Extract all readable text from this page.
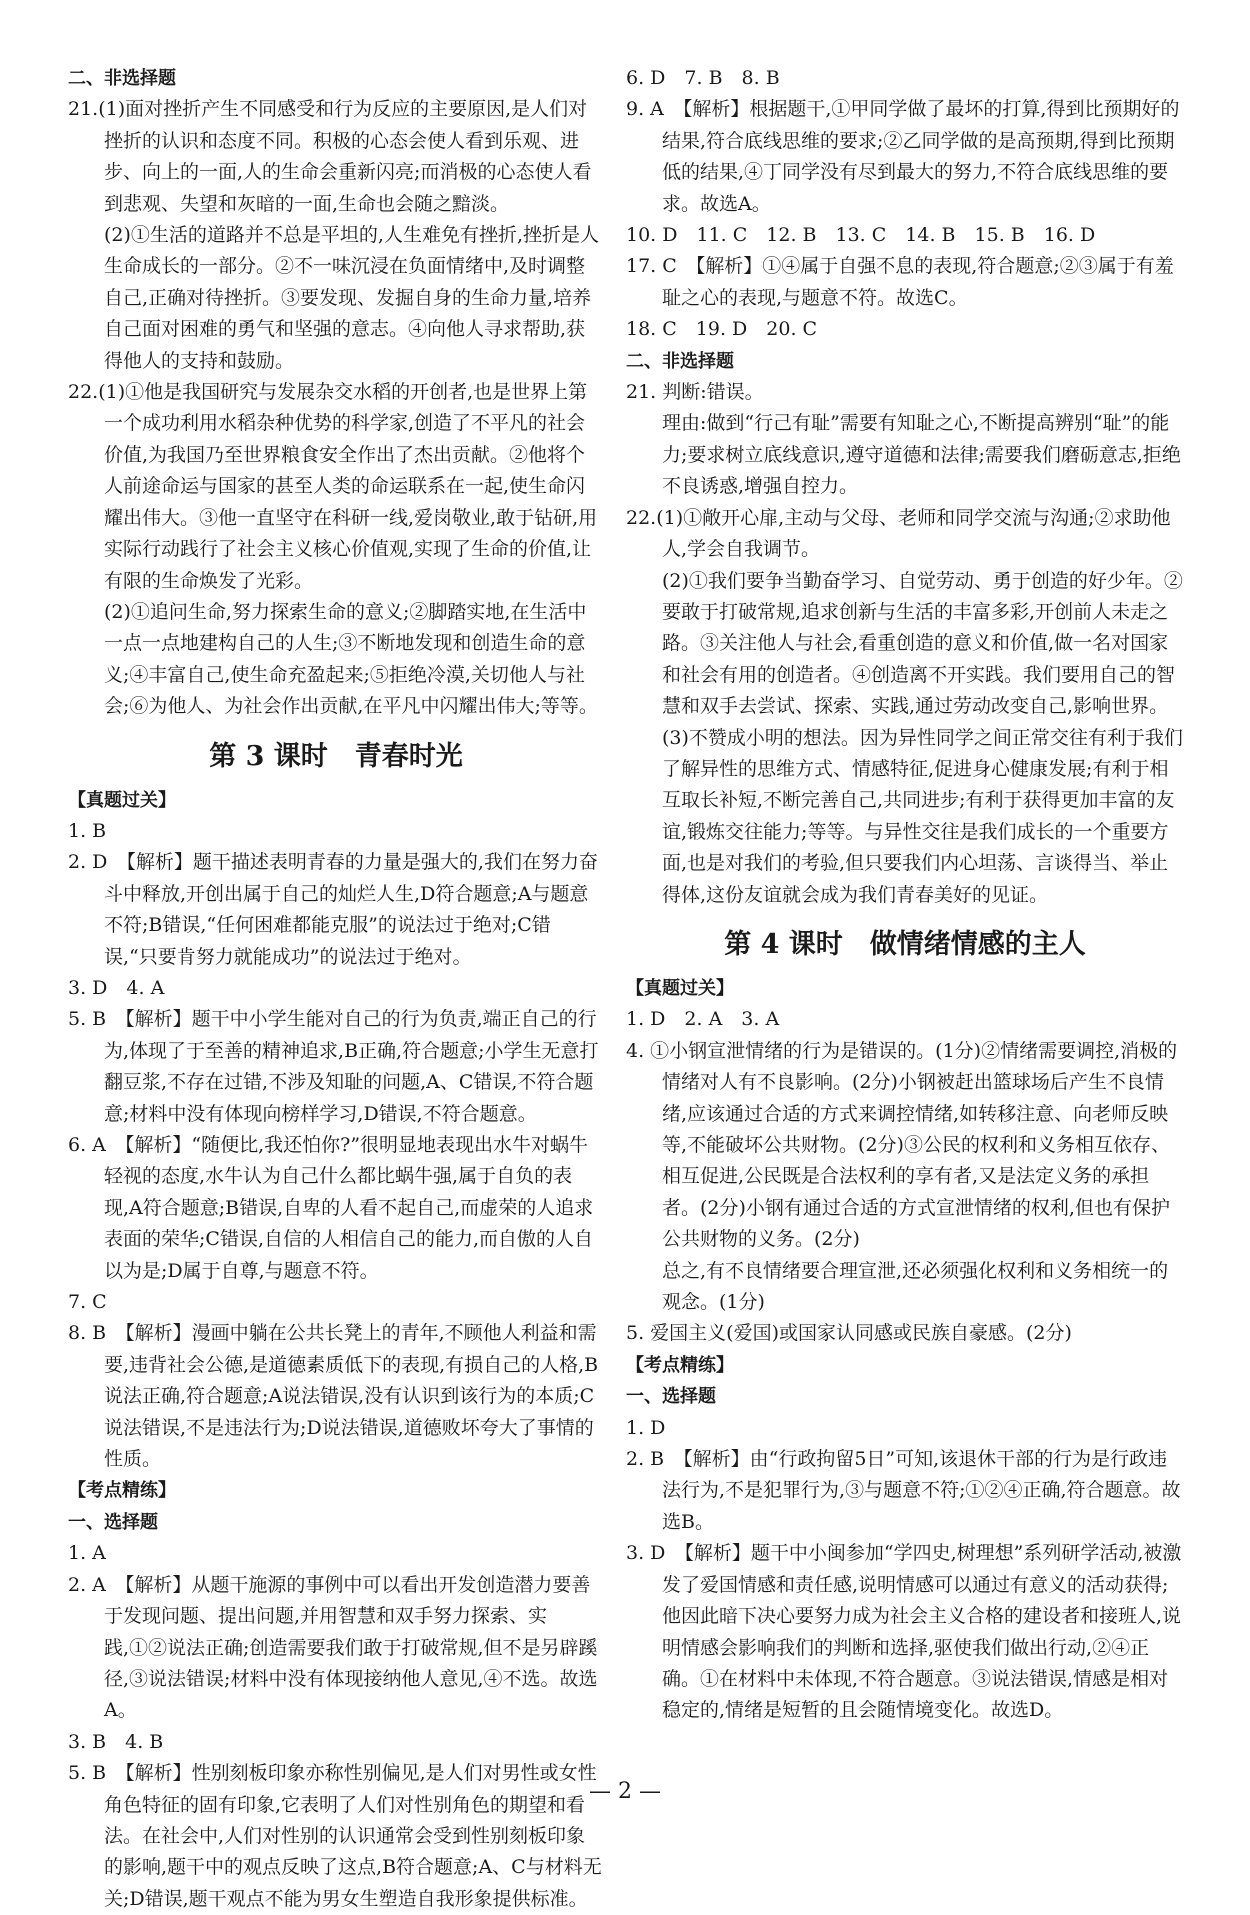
二、非选择题

21.(1)面对挫折产生不同感受和行为反应的主要原因,是人们对挫折的认识和态度不同。积极的心态会使人看到乐观、进步、向上的一面,人的生命会重新闪亮;而消极的心态使人看到悲观、失望和灰暗的一面,生命也会随之黯淡。

(2)①生活的道路并不总是平坦的,人生难免有挫折,挫折是人生命成长的一部分。②不一味沉浸在负面情绪中,及时调整自己,正确对待挫折。③要发现、发掘自身的生命力量,培养自己面对困难的勇气和坚强的意志。④向他人寻求帮助,获得他人的支持和鼓励。

22.(1)①他是我国研究与发展杂交水稻的开创者,也是世界上第一个成功利用水稻杂种优势的科学家,创造了不平凡的社会价值,为我国乃至世界粮食安全作出了杰出贡献。②他将个人前途命运与国家的甚至人类的命运联系在一起,使生命闪耀出伟大。③他一直坚守在科研一线,爱岗敬业,敢于钻研,用实际行动践行了社会主义核心价值观,实现了生命的价值,让有限的生命焕发了光彩。

(2)①追问生命,努力探索生命的意义;②脚踏实地,在生活中一点一点地建构自己的人生;③不断地发现和创造生命的意义;④丰富自己,使生命充盈起来;⑤拒绝冷漠,关切他人与社会;⑥为他人、为社会作出贡献,在平凡中闪耀出伟大;等等。

第 3 课时　青春时光

【真题过关】

1. B

2. D　【解析】题干描述表明青春的力量是强大的,我们在努力奋斗中释放,开创出属于自己的灿烂人生,D符合题意;A与题意不符;B错误,“任何困难都能克服”的说法过于绝对;C错误,“只要肯努力就能成功”的说法过于绝对。

3. D　4. A

5. B　【解析】题干中小学生能对自己的行为负责,端正自己的行为,体现了于至善的精神追求,B正确,符合题意;小学生无意打翻豆浆,不存在过错,不涉及知耻的问题,A、C错误,不符合题意;材料中没有体现向榜样学习,D错误,不符合题意。

6. A　【解析】“随便比,我还怕你?”很明显地表现出水牛对蜗牛轻视的态度,水牛认为自己什么都比蜗牛强,属于自负的表现,A符合题意;B错误,自卑的人看不起自己,而虚荣的人追求表面的荣华;C错误,自信的人相信自己的能力,而自傲的人自以为是;D属于自尊,与题意不符。

7. C

8. B　【解析】漫画中躺在公共长凳上的青年,不顾他人利益和需要,违背社会公德,是道德素质低下的表现,有损自己的人格,B说法正确,符合题意;A说法错误,没有认识到该行为的本质;C说法错误,不是违法行为;D说法错误,道德败坏夸大了事情的性质。

【考点精练】

一、选择题

1. A

2. A　【解析】从题干施源的事例中可以看出开发创造潜力要善于发现问题、提出问题,并用智慧和双手努力探索、实践,①②说法正确;创造需要我们敢于打破常规,但不是另辟蹊径,③说法错误;材料中没有体现接纳他人意见,④不选。故选A。

3. B　4. B

5. B　【解析】性别刻板印象亦称性别偏见,是人们对男性或女性角色特征的固有印象,它表明了人们对性别角色的期望和看法。在社会中,人们对性别的认识通常会受到性别刻板印象的影响,题干中的观点反映了这点,B符合题意;A、C与材料无关;D错误,题干观点不能为男女生塑造自我形象提供标准。

6. D　7. B　8. B

9. A　【解析】根据题干,①甲同学做了最坏的打算,得到比预期好的结果,符合底线思维的要求;②乙同学做的是高预期,得到比预期低的结果,④丁同学没有尽到最大的努力,不符合底线思维的要求。故选A。

10. D　11. C　12. B　13. C　14. B　15. B　16. D

17. C　【解析】①④属于自强不息的表现,符合题意;②③属于有羞耻之心的表现,与题意不符。故选C。

18. C　19. D　20. C

二、非选择题

21. 判断:错误。

理由:做到“行己有耻”需要有知耻之心,不断提高辨别“耻”的能力;要求树立底线意识,遵守道德和法律;需要我们磨砺意志,拒绝不良诱惑,增强自控力。

22.(1)①敞开心扉,主动与父母、老师和同学交流与沟通;②求助他人,学会自我调节。

(2)①我们要争当勤奋学习、自觉劳动、勇于创造的好少年。②要敢于打破常规,追求创新与生活的丰富多彩,开创前人未走之路。③关注他人与社会,看重创造的意义和价值,做一名对国家和社会有用的创造者。④创造离不开实践。我们要用自己的智慧和双手去尝试、探索、实践,通过劳动改变自己,影响世界。

(3)不赞成小明的想法。因为异性同学之间正常交往有利于我们了解异性的思维方式、情感特征,促进身心健康发展;有利于相互取长补短,不断完善自己,共同进步;有利于获得更加丰富的友谊,锻炼交往能力;等等。与异性交往是我们成长的一个重要方面,也是对我们的考验,但只要我们内心坦荡、言谈得当、举止得体,这份友谊就会成为我们青春美好的见证。

第 4 课时　做情绪情感的主人

【真题过关】

1. D　2. A　3. A

4. ①小钢宣泄情绪的行为是错误的。(1分)②情绪需要调控,消极的情绪对人有不良影响。(2分)小钢被赶出篮球场后产生不良情绪,应该通过合适的方式来调控情绪,如转移注意、向老师反映等,不能破坏公共财物。(2分)③公民的权利和义务相互依存、相互促进,公民既是合法权利的享有者,又是法定义务的承担者。(2分)小钢有通过合适的方式宣泄情绪的权利,但也有保护公共财物的义务。(2分)

总之,有不良情绪要合理宣泄,还必须强化权利和义务相统一的观念。(1分)

5. 爱国主义(爱国)或国家认同感或民族自豪感。(2分)

【考点精练】

一、选择题

1. D

2. B　【解析】由“行政拘留5日”可知,该退休干部的行为是行政违法行为,不是犯罪行为,③与题意不符;①②④正确,符合题意。故选B。

3. D　【解析】题干中小闽参加“学四史,树理想”系列研学活动,被激发了爱国情感和责任感,说明情感可以通过有意义的活动获得;他因此暗下决心要努力成为社会主义合格的建设者和接班人,说明情感会影响我们的判断和选择,驱使我们做出行动,②④正确。①在材料中未体现,不符合题意。③说法错误,情感是相对稳定的,情绪是短暂的且会随情境变化。故选D。

— 2 —
